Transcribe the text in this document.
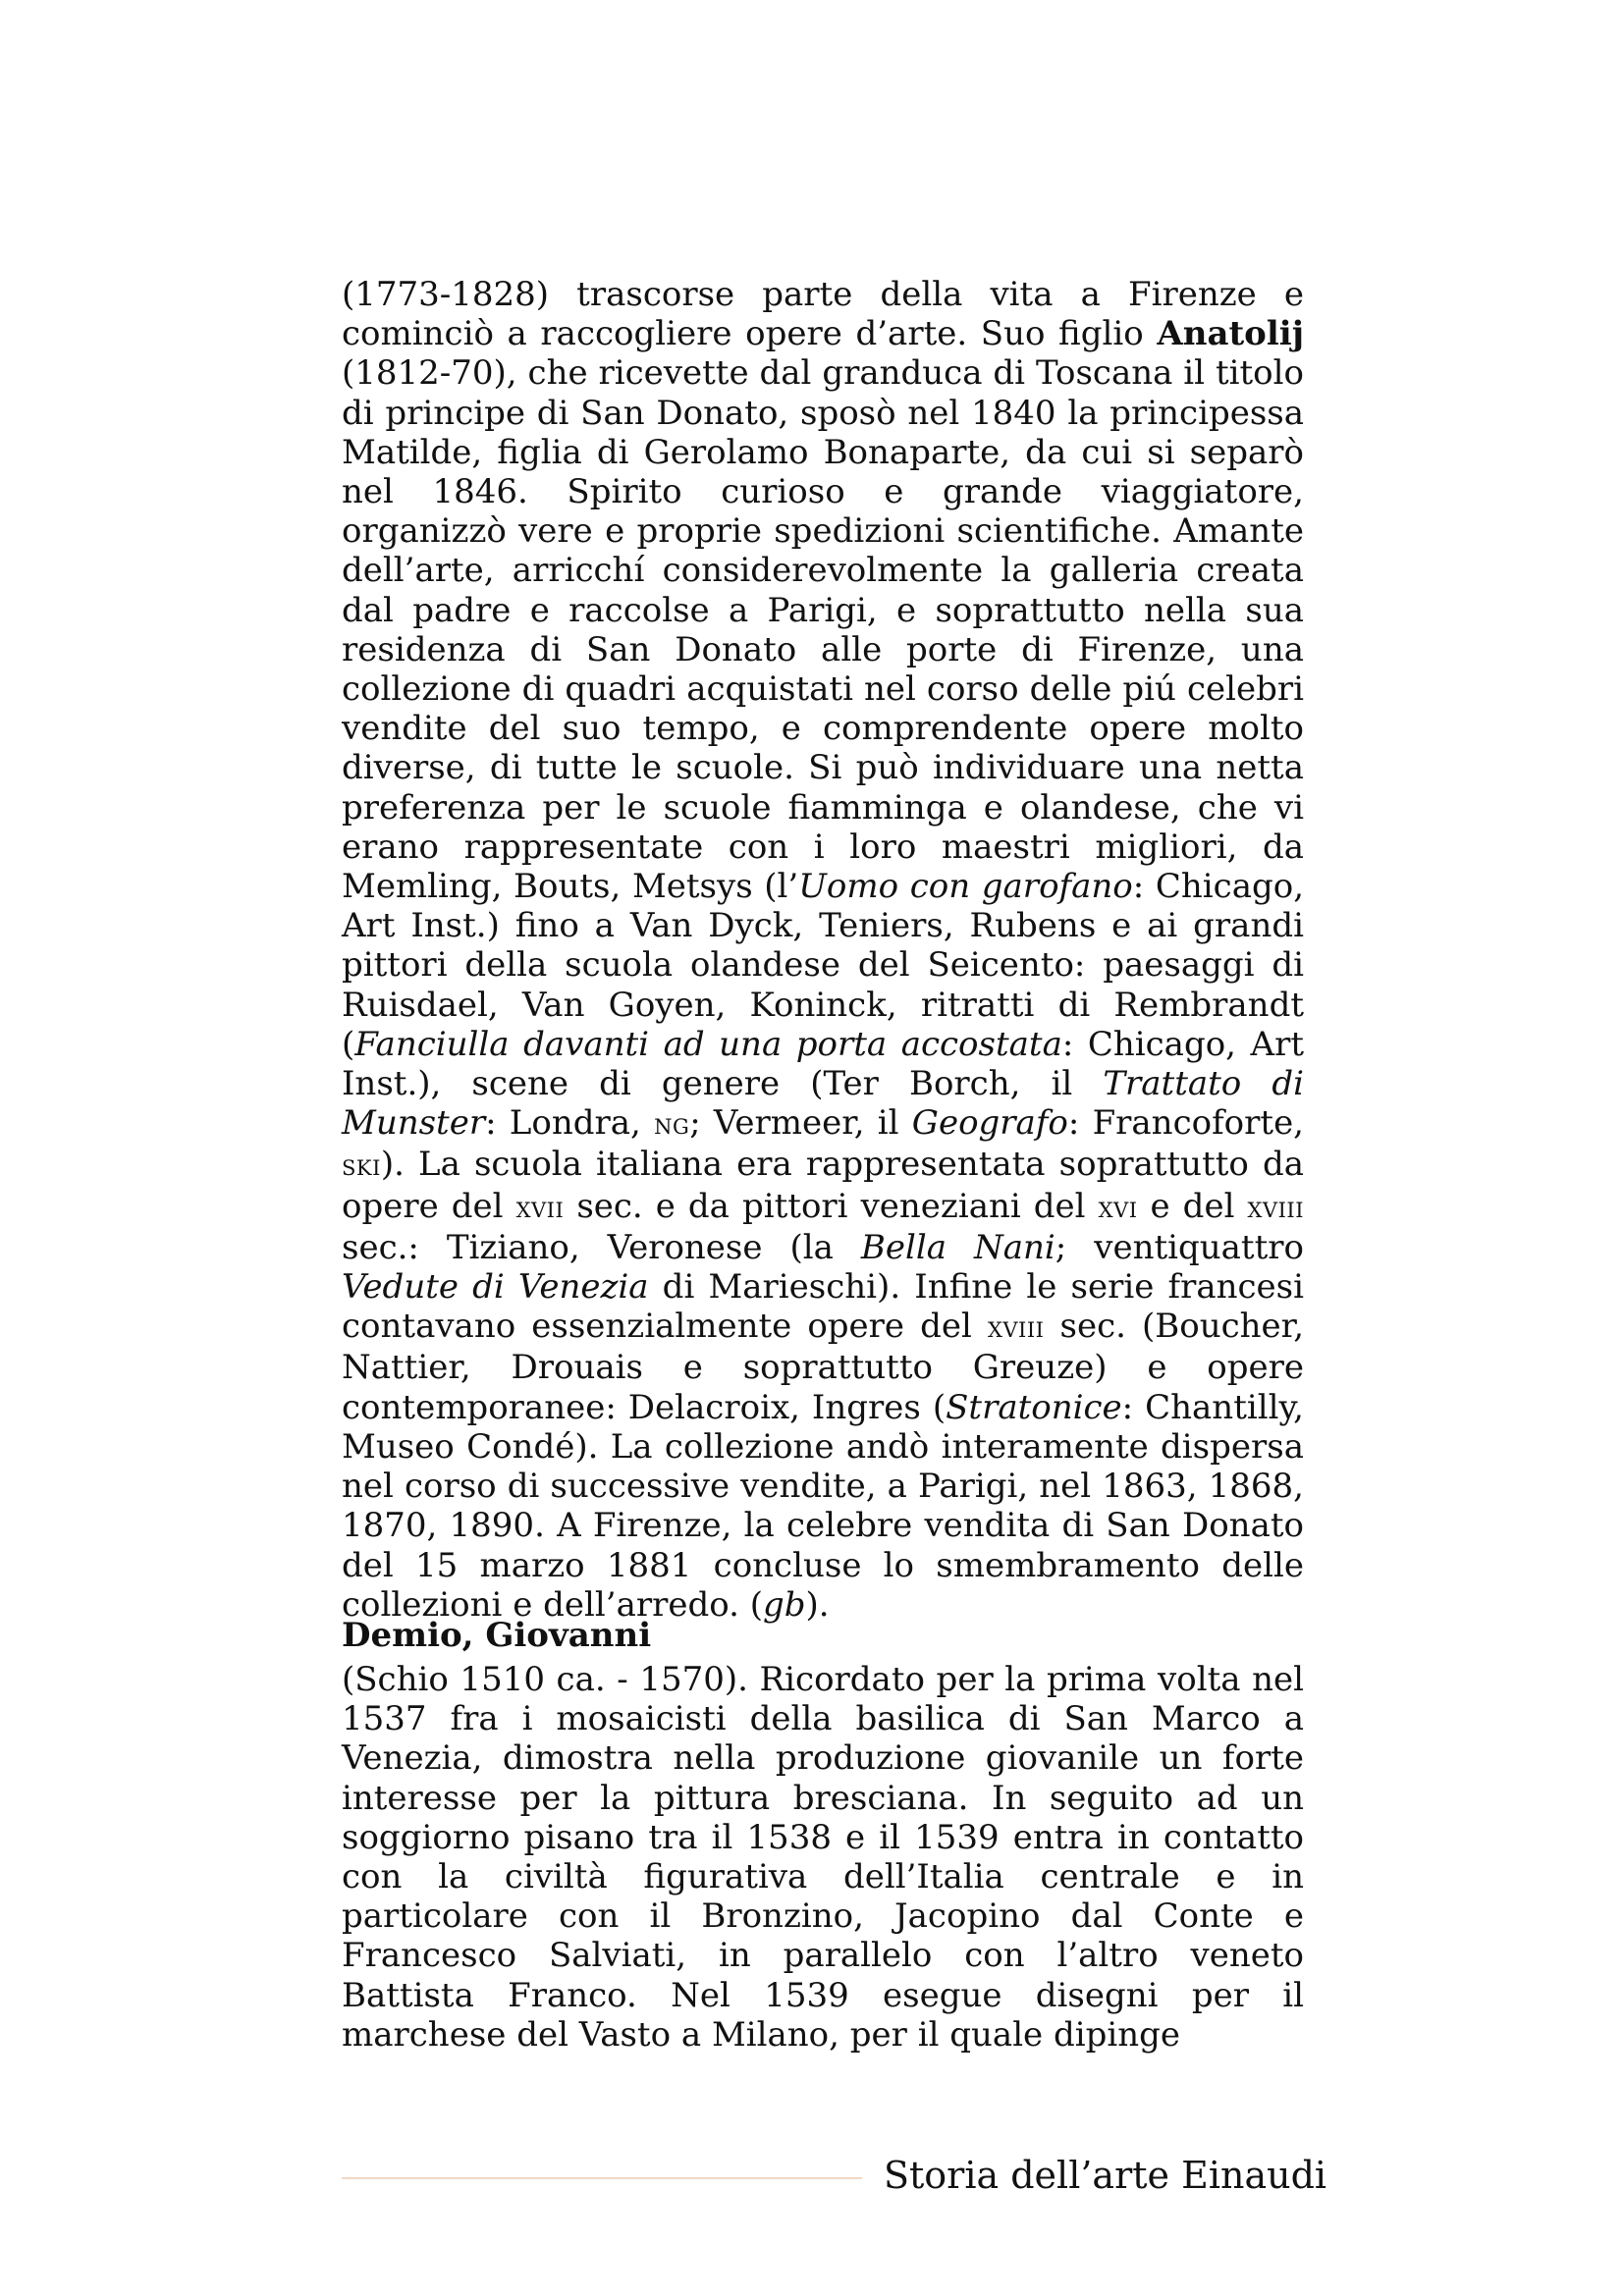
(1773-1828) trascorse parte della vita a Firenze e cominciò a raccogliere opere d’arte. Suo figlio Anatolij (1812-70), che ricevette dal granduca di Toscana il titolo di principe di San Donato, sposò nel 1840 la principessa Matilde, figlia di Gerolamo Bonaparte, da cui si separò nel 1846. Spirito curioso e grande viaggiatore, organizzò vere e proprie spedizioni scientifiche. Amante dell’arte, arricchí considerevolmente la galleria creata dal padre e raccolse a Parigi, e soprattutto nella sua residenza di San Donato alle porte di Firenze, una collezione di quadri acquistati nel corso delle piú celebri vendite del suo tempo, e comprendente opere molto diverse, di tutte le scuole. Si può individuare una netta preferenza per le scuole fiamminga e olandese, che vi erano rappresentate con i loro maestri migliori, da Memling, Bouts, Metsys (l’Uomo con garofano: Chicago, Art Inst.) fino a Van Dyck, Teniers, Rubens e ai grandi pittori della scuola olandese del Seicento: paesaggi di Ruisdael, Van Goyen, Koninck, ritratti di Rembrandt (Fanciulla davanti ad una porta accostata: Chicago, Art Inst.), scene di genere (Ter Borch, il Trattato di Munster: Londra, ng; Vermeer, il Geografo: Francoforte, ski). La scuola italiana era rappresentata soprattutto da opere del xvii sec. e da pittori veneziani del xvi e del xviii sec.: Tiziano, Veronese (la Bella Nani; ventiquattro Vedute di Venezia di Marieschi). Infine le serie francesi contavano essenzialmente opere del xviii sec. (Boucher, Nattier, Drouais e soprattutto Greuze) e opere contemporanee: Delacroix, Ingres (Stratonice: Chantilly, Museo Condé). La collezione andò interamente dispersa nel corso di successive vendite, a Parigi, nel 1863, 1868, 1870, 1890. A Firenze, la celebre vendita di San Donato del 15 marzo 1881 concluse lo smembramento delle collezioni e dell’arredo. (gb).

Demio, Giovanni

(Schio 1510 ca. - 1570). Ricordato per la prima volta nel 1537 fra i mosaicisti della basilica di San Marco a Venezia, dimostra nella produzione giovanile un forte interesse per la pittura bresciana. In seguito ad un soggiorno pisano tra il 1538 e il 1539 entra in contatto con la civiltà figurativa dell’Italia centrale e in particolare con il Bronzino, Jacopino dal Conte e Francesco Salviati, in parallelo con l’altro veneto Battista Franco. Nel 1539 esegue disegni per il marchese del Vasto a Milano, per il quale dipinge

Storia dell’arte Einaudi
